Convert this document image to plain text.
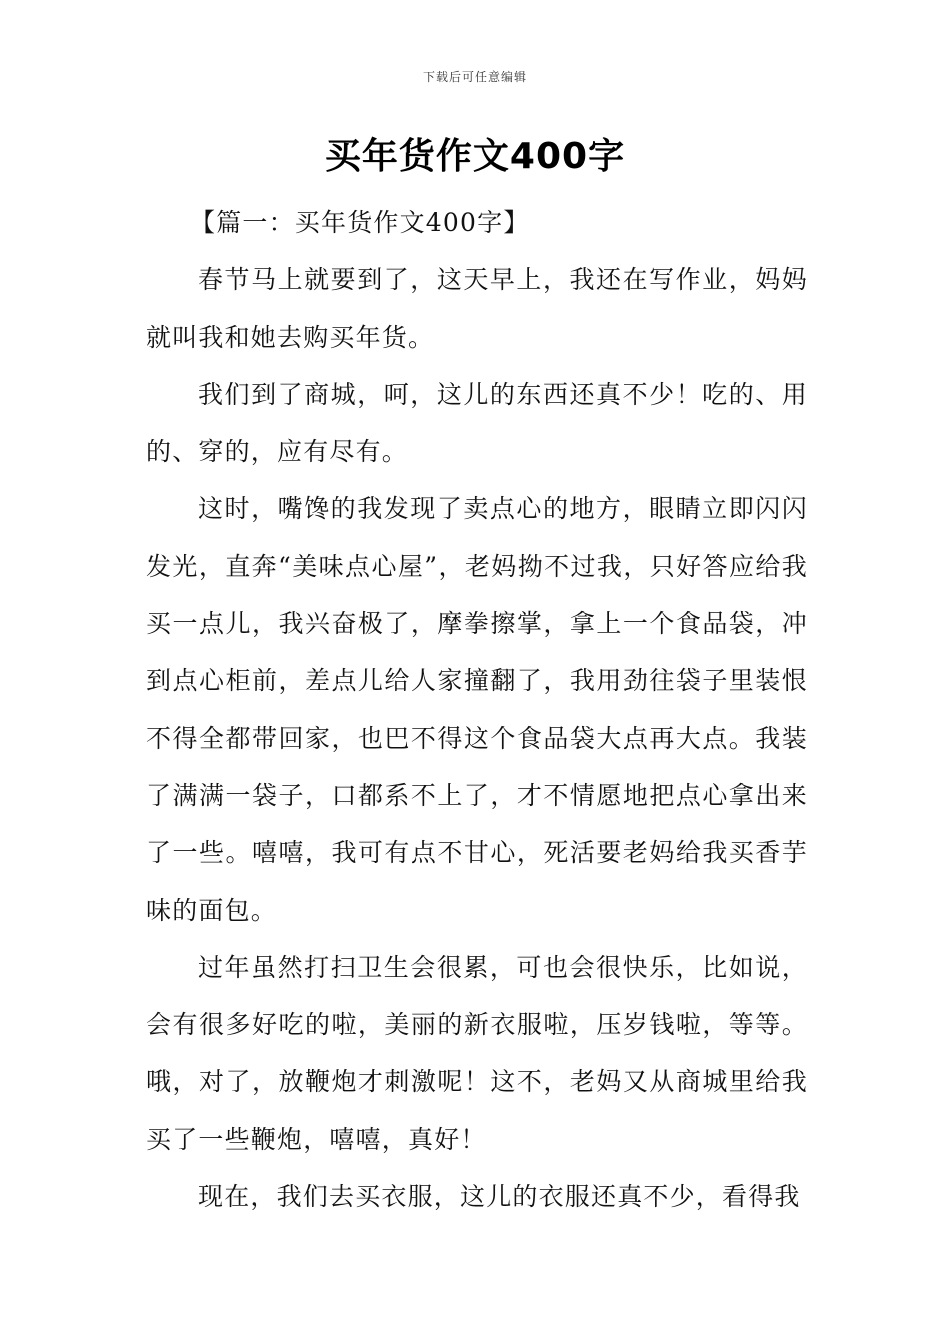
下载后可任意编辑
买年货作文400字

【篇一：买年货作文400字】

春节马上就要到了，这天早上，我还在写作业，妈妈就叫我和她去购买年货。

我们到了商城，呵，这儿的东西还真不少！吃的、用的、穿的，应有尽有。

这时，嘴馋的我发现了卖点心的地方，眼睛立即闪闪发光，直奔“美味点心屋”，老妈拗不过我，只好答应给我买一点儿，我兴奋极了，摩拳擦掌，拿上一个食品袋，冲到点心柜前，差点儿给人家撞翻了，我用劲往袋子里装恨不得全都带回家，也巴不得这个食品袋大点再大点。我装了满满一袋子，口都系不上了，才不情愿地把点心拿出来了一些。嘻嘻，我可有点不甘心，死活要老妈给我买香芋味的面包。

过年虽然打扫卫生会很累，可也会很快乐，比如说，会有很多好吃的啦，美丽的新衣服啦，压岁钱啦，等等。哦，对了，放鞭炮才刺激呢！这不，老妈又从商城里给我买了一些鞭炮，嘻嘻，真好！

现在，我们去买衣服，这儿的衣服还真不少，看得我
